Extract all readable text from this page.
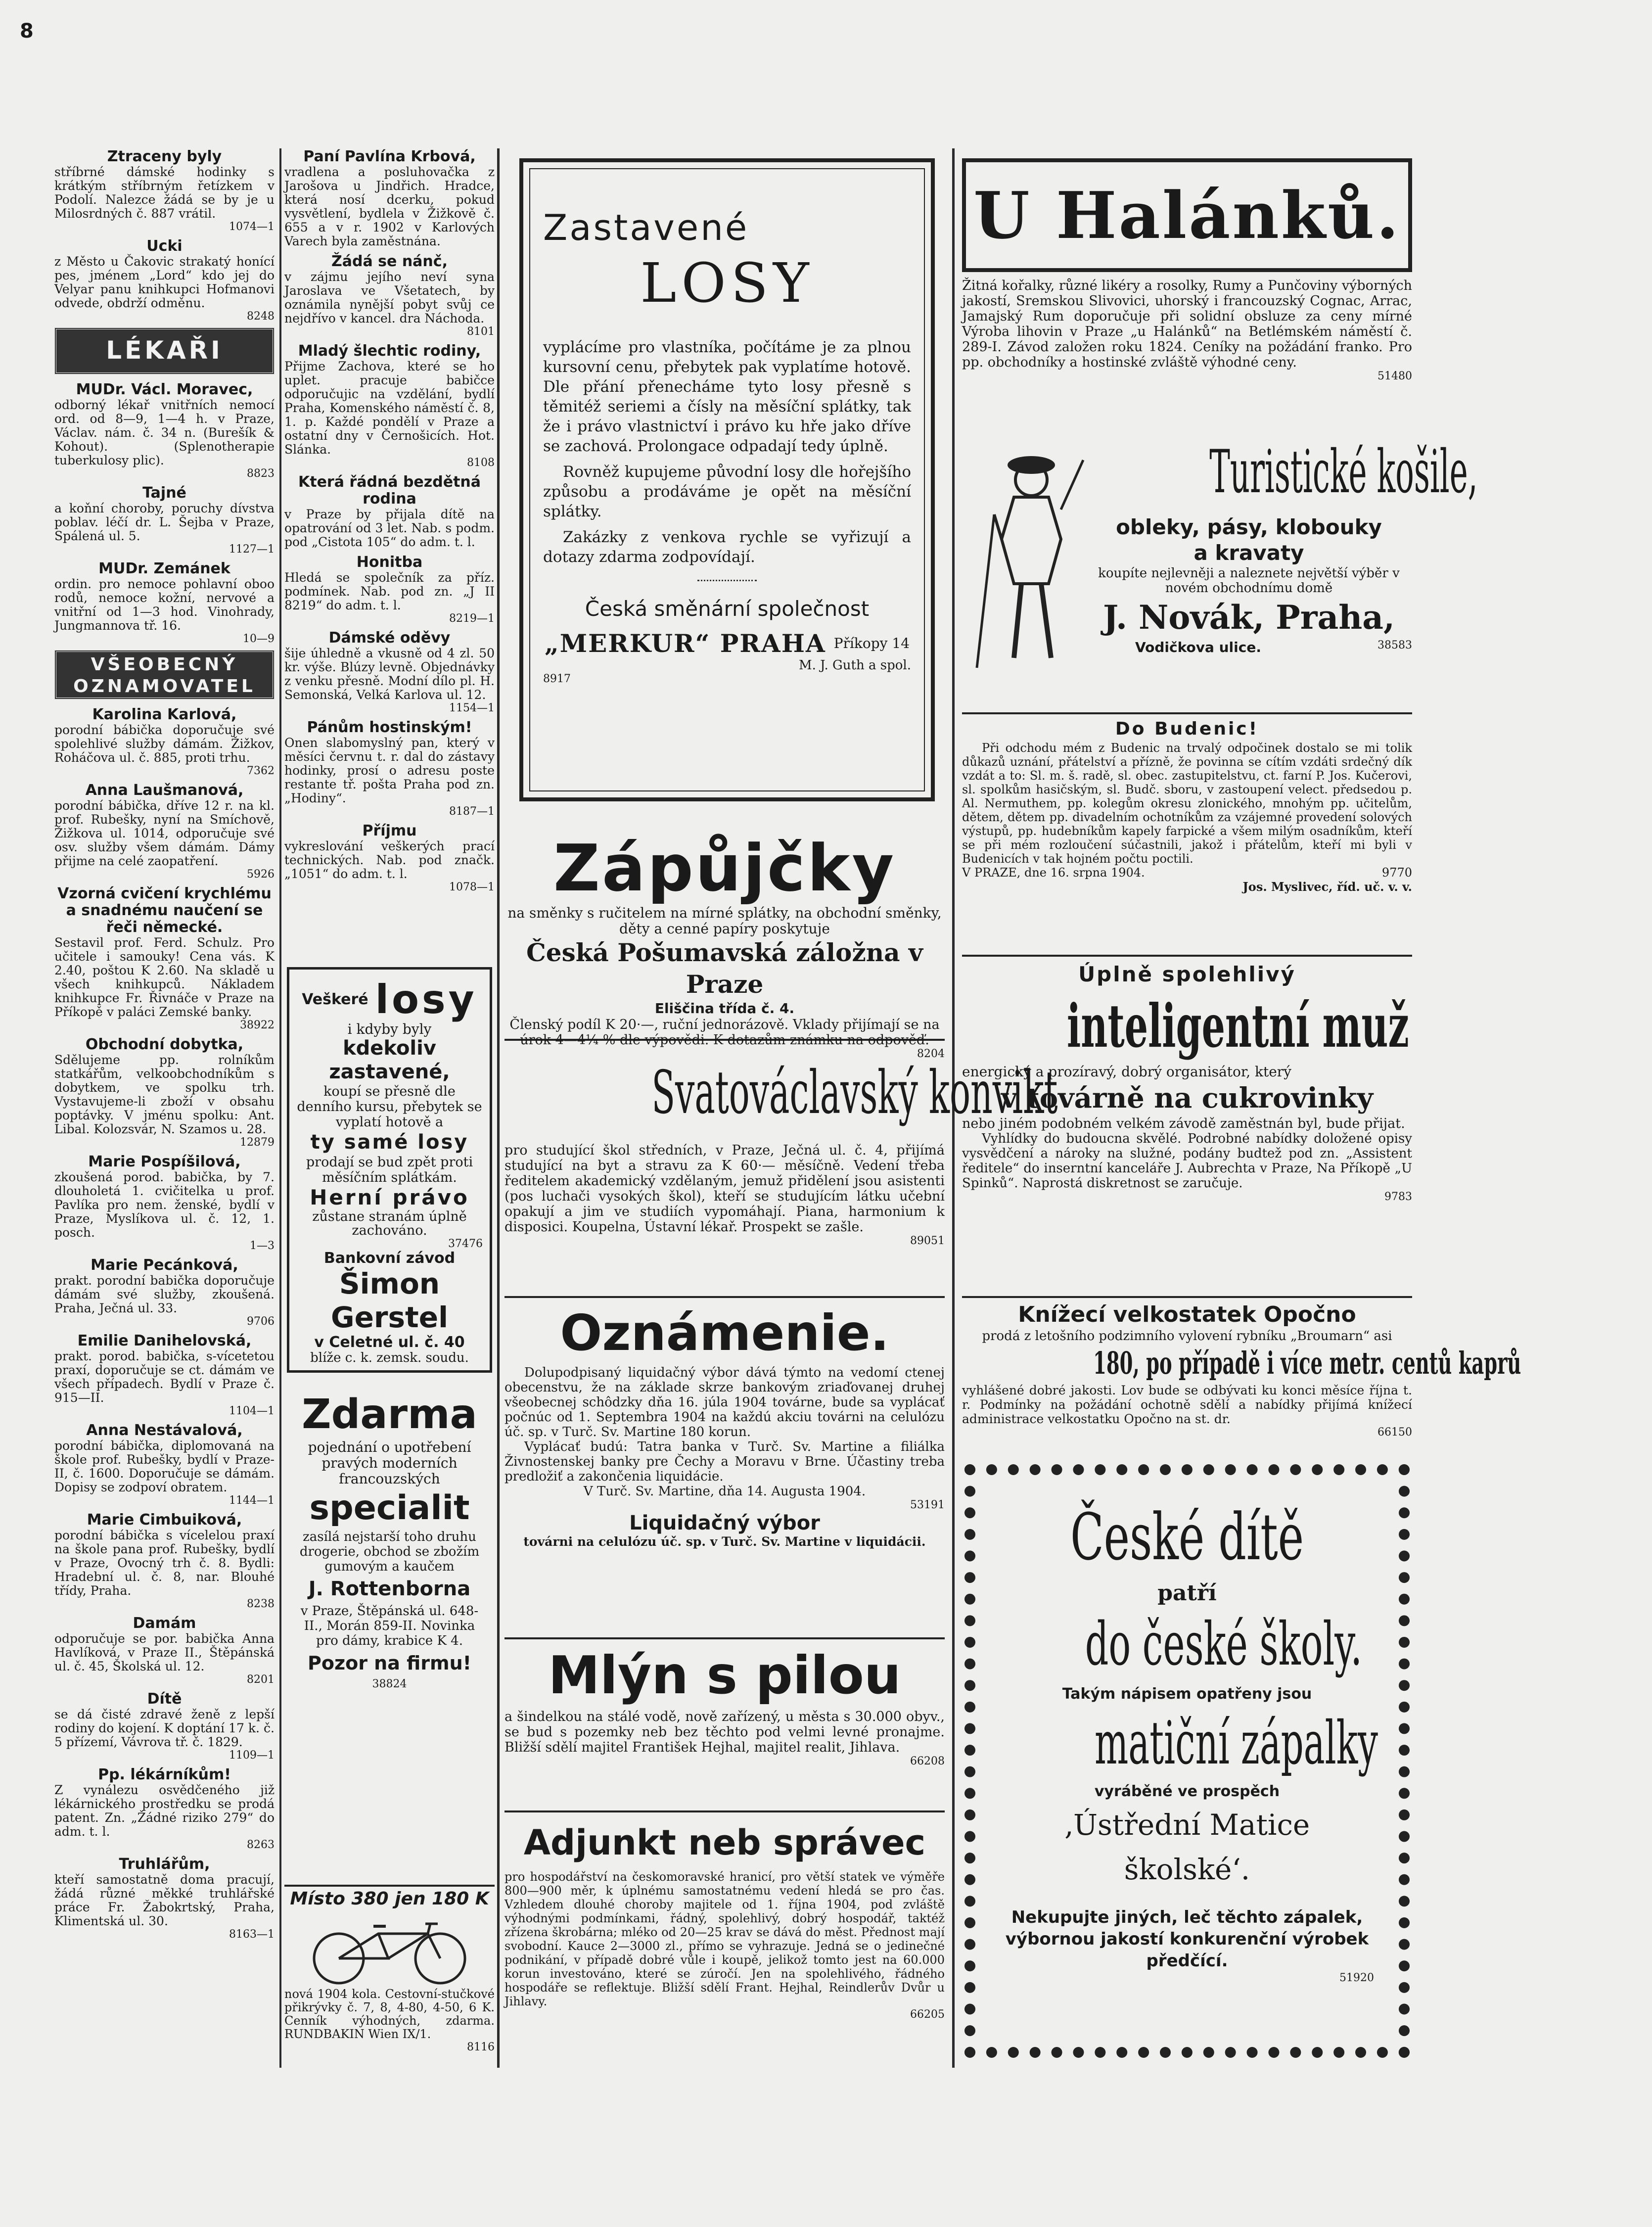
8

Ztraceny byly

stříbrné dámské hodinky s krátkým stříbrným řetízkem v Podolí. Nalezce žádá se by je u Milosrdných č. 887 vrátil.

1074—1

Ucki

z Město u Čakovic strakatý honící pes, jménem „Lord“ kdo jej do Velyar panu knihkupci Hofmanovi odvede, obdrží odměnu.

8248

LÉKAŘI

MUDr. Václ. Moravec,

odborný lékař vnitřních nemocí ord. od 8—9, 1—4 h. v Praze, Václav. nám. č. 34 n. (Burešík & Kohout). (Splenotherapie tuberkulosy plic).

8823

Tajné

a koňní choroby, poruchy dívstva poblav. léčí dr. L. Šejba v Praze, Spálená ul. 5.

1127—1

MUDr. Zemánek

ordin. pro nemoce pohlavní oboo rodů, nemoce kožní, nervové a vnitřní od 1—3 hod. Vinohrady, Jungmannova tř. 16.

10—9

VŠEOBECNÝ OZNAMOVATEL

Karolina Karlová,

porodní bábička doporučuje své spolehlivé služby dámám. Žižkov, Roháčova ul. č. 885, proti trhu.

7362

Anna Laušmanová,

porodní bábička, dříve 12 r. na kl. prof. Rubešky, nyní na Smíchově, Žižkova ul. 1014, odporučuje své osv. služby všem dámám. Dámy přijme na celé zaopatření.

5926

Vzorná cvičení krychlému a snadnému naučení se řeči německé.

Sestavil prof. Ferd. Schulz. Pro učitele i samouky! Cena vás. K 2.40, poštou K 2.60. Na skladě u všech knihkupců. Nákladem knihkupce Fr. Řivnáče v Praze na Příkopě v paláci Zemské banky.

38922

Obchodní dobytka,

Sdělujeme pp. rolníkům statkářům, velkoobchodníkům s dobytkem, ve spolku trh. Vystavujeme-li zboží v obsahu poptávky. V jménu spolku: Ant. Libal. Kolozsvár, N. Szamos u. 28.

12879

Marie Pospíšilová,

zkoušená porod. babička, by 7. dlouholetá 1. cvičitelka u prof. Pavlíka pro nem. ženské, bydlí v Praze, Myslíkova ul. č. 12, 1. posch.

1—3

Marie Pecánková,

prakt. porodní babička doporučuje dámám své služby, zkoušená. Praha, Ječná ul. 33.

9706

Emilie Danihelovská,

prakt. porod. babička, s-vícetetou praxí, doporučuje se ct. dámám ve všech případech. Bydlí v Praze č. 915—II.

1104—1

Anna Nestávalová,

porodní bábička, diplomovaná na škole prof. Rubešky, bydlí v Praze-II, č. 1600. Doporučuje se dámám. Dopisy se zodpoví obratem.

1144—1

Marie Cimbuiková,

porodní bábička s vícelelou praxí na škole pana prof. Rubešky, bydlí v Praze, Ovocný trh č. 8. Bydli: Hradební ul. č. 8, nar. Blouhé třídy, Praha.

8238

Damám

odporučuje se por. babička Anna Havlíková, v Praze II., Štěpánská ul. č. 45, Školská ul. 12.

8201

Dítě

se dá čisté zdravé ženě z lepší rodiny do kojení. K doptání 17 k. č. 5 přízemí, Vávrova tř. č. 1829.

1109—1

Pp. lékárníkům!

Z vynálezu osvědčeného již lékárnického prostředku se prodá patent. Zn. „Žádné riziko 279“ do adm. t. l.

8263

Truhlářům,

kteří samostatně doma pracují, žádá různé měkké truhlářské práce Fr. Žabokrtský, Praha, Klimentská ul. 30.

8163—1

Paní Pavlína Krbová,

vradlena a posluhovačka z Jarošova u Jindřich. Hradce, která nosí dcerku, pokud vysvětlení, bydlela v Žižkově č. 655 a v r. 1902 v Karlových Varech byla zaměstnána.

Žádá se nánč,

v zájmu jejího neví syna Jaroslava ve Všetatech, by oznámila nynější pobyt svůj ce nejdřívo v kancel. dra Náchoda.

8101

Mladý šlechtic rodiny,

Přijme Zachova, které se ho uplet. pracuje babičce odporučujic na vzdělání, bydlí Praha, Komenského náměstí č. 8, 1. p. Každé pondělí v Praze a ostatní dny v Černošicích. Hot. Slánka.

8108

Která řádná bezdětná rodina

v Praze by přijala dítě na opatrování od 3 let. Nab. s podm. pod „Cistota 105“ do adm. t. l.

Honitba

Hledá se společník za příz. podmínek. Nab. pod zn. „J II 8219“ do adm. t. l.

8219—1

Dámské oděvy

šije úhledně a vkusně od 4 zl. 50 kr. výše. Blúzy levně. Objednávky z venku přesně. Modní dílo pl. H. Semonská, Velká Karlova ul. 12.

1154—1

Pánům hostinským!

Onen slabomyslný pan, který v měsíci červnu t. r. dal do zástavy hodinky, prosí o adresu poste restante tř. pošta Praha pod zn. „Hodiny“.

8187—1

Příjmu

vykreslování veškerých prací technických. Nab. pod značk. „1051“ do adm. t. l.

1078—1

Veškeré losy

i kdyby byly

kdekoliv zastavené,

koupí se přesně dle denního kursu, přebytek se vyplatí hotově a

ty samé losy

prodají se bud zpět proti měsíčním splátkám.

Herní právo

zůstane stranám úplně zachováno.

37476

Bankovní závod

Šimon Gerstel

v Celetné ul. č. 40

blíže c. k. zemsk. soudu.

Zdarma

pojednání o upotřebení pravých moderních francouzských

specialit

zasílá nejstarší toho druhu drogerie, obchod se zbožím gumovým a kaučem

J. Rottenborna

v Praze, Štěpánská ul. 648-II., Morán 859-II. Novinka pro dámy, krabice K 4.

Pozor na firmu!

38824

Místo 380 jen 180 K

nová 1904 kola. Cestovní-stučkové přikrývky č. 7, 8, 4-80, 4-50, 6 K. Cenník výhodných, zdarma. RUNDBAKIN Wien IX/1.

8116

Zastavené

LOSY

vyplácíme pro vlastníka, počítáme je za plnou kursovní cenu, přebytek pak vyplatíme hotově. Dle přání přenecháme tyto losy přesně s těmitéž seriemi a čísly na měsíční splátky, tak že i právo vlastnictví i právo ku hře jako dříve se zachová. Prolongace odpadají tedy úplně.

Rovněž kupujeme původní losy dle hořejšího způsobu a prodáváme je opět na měsíční splátky.

Zakázky z venkova rychle se vyřizují a dotazy zdarma zodpovídají.

Česká směnární společnost

„MERKUR“ PRAHA Příkopy 14

M. J. Guth a spol.

8917

Zápůjčky

na směnky s ručitelem na mírné splátky, na obchodní směnky, děty a cenné papíry poskytuje

Česká Pošumavská záložna v Praze

Eliščina třída č. 4.

Členský podíl K 20·—, ruční jednorázově. Vklady přijímají se na úrok 4—4¼ % dle výpovědi. K dotazům známku na odpověď.

8204

Svatováclavský konvikt

pro studující škol středních, v Praze, Ječná ul. č. 4, přijímá studující na byt a stravu za K 60·— měsíčně. Vedení třeba ředitelem akademický vzdělaným, jemuž přidělení jsou asistenti (pos luchači vysokých škol), kteří se studujícím látku učební opakují a jim ve studiích vypomáhají. Piana, harmonium k disposici. Koupelna, Ústavní lékař. Prospekt se zašle.

89051

Oznámenie.

Dolupodpisaný liquidačný výbor dává týmto na vedomí ctenej obecenstvu, že na základe skrze bankovým zriaďovanej druhej všeobecnej schôdzky dňa 16. júla 1904 továrne, bude sa vyplácať počnúc od 1. Septembra 1904 na každú akciu továrni na celulózu úč. sp. v Turč. Sv. Martine 180 korun.

Vyplácať budú: Tatra banka v Turč. Sv. Martine a filiálka Živnostenskej banky pre Čechy a Moravu v Brne. Účastiny treba predložiť a zakončenia liquidácie.

V Turč. Sv. Martine, dňa 14. Augusta 1904.

53191

Liquidačný výbor

továrni na celulózu úč. sp. v Turč. Sv. Martine v liquidácii.

Mlýn s pilou

a šindelkou na stálé vodě, nově zařízený, u města s 30.000 obyv., se bud s pozemky neb bez těchto pod velmi levné pronajme. Bližší sdělí majitel František Hejhal, majitel realit, Jihlava.

66208

Adjunkt neb správec

pro hospodářství na českomoravské hranicí, pro větší statek ve výměře 800—900 měr, k úplnému samostatnému vedení hledá se pro čas. Vzhledem dlouhé choroby majitele od 1. října 1904, pod zvláště výhodnými podmínkami, řádný, spolehlivý, dobrý hospodář, taktéž zřízena škrobárna; mléko od 20—25 krav se dává do měst. Přednost mají svobodní. Kauce 2—3000 zl., přímo se vyhrazuje. Jedná se o jedinečné podnikání, v případě dobré vůle i koupě, jelikož tomto jest na 60.000 korun investováno, které se zúročí. Jen na spolehlivého, řádného hospodáře se reflektuje. Bližší sdělí Frant. Hejhal, Reindlerův Dvůr u Jihlavy.

66205

U Halánků.

Žitná kořalky, různé likéry a rosolky, Rumy a Punčoviny výborných jakostí, Sremskou Slivovici, uhorský i francouzský Cognac, Arrac, Jamajský Rum doporučuje při solidní obsluze za ceny mírné Výroba lihovin v Praze „u Halánků“ na Betlémském náměstí č. 289-I. Závod založen roku 1824. Ceníky na požádání franko. Pro pp. obchodníky a hostinské zvláště výhodné ceny.

51480

Turistické košile,

obleky, pásy, klobouky

a kravaty

koupíte nejlevněji a naleznete největší výběr v novém obchodnímu domě

J. Novák, Praha,

Vodičkova ulice.	38583

Do Budenic!

Při odchodu mém z Budenic na trvalý odpočinek dostalo se mi tolik důkazů uznání, přátelství a přízně, že povinna se cítím vzdáti srdečný dík vzdát a to: Sl. m. š. radě, sl. obec. zastupitelstvu, ct. farní P. Jos. Kučerovi, sl. spolkům hasičským, sl. Budč. sboru, v zastoupení velect. předsedou p. Al. Nermuthem, pp. kolegům okresu zlonického, mnohým pp. učitelům, dětem, dětem pp. divadelním ochotníkům za vzájemné provedení solových výstupů, pp. hudebníkům kapely farpické a všem milým osadníkům, kteří se při mém rozloučení súčastnili, jakož i přátelům, kteří mi byli v Budenicích v tak hojném počtu poctili.

V PRAZE, dne 16. srpna 1904.	9770

Jos. Myslivec, říd. uč. v. v.

Úplně spolehlivý

inteligentní muž

energický a prozíravý, dobrý organisátor, který

v továrně na cukrovinky

nebo jiném podobném velkém závodě zaměstnán byl, bude přijat.

Vyhlídky do budoucna skvělé. Podrobné nabídky doložené opisy vysvědčení a nároky na služné, podány budtež pod zn. „Assistent ředitele“ do inserntní kanceláře J. Aubrechta v Praze, Na Příkopě „U Spinků“. Naprostá diskretnost se zaručuje.

9783

Knížecí velkostatek Opočno

prodá z letošního podzimního vylovení rybníku „Broumarn“ asi

180, po případě i více metr. centů kaprů

vyhlášené dobré jakosti. Lov bude se odbývati ku konci měsíce října t. r. Podmínky na požádání ochotně sdělí a nabídky přijímá knížecí administrace velkostatku Opočno na st. dr.

66150

České dítě

patří

do české školy.

Takým nápisem opatřeny jsou

matiční zápalky

vyráběné ve prospěch

‚Ústřední Matice školské‘.

Nekupujte jiných, leč těchto zápalek, výbornou jakostí konkurenční výrobek předčící.

51920
